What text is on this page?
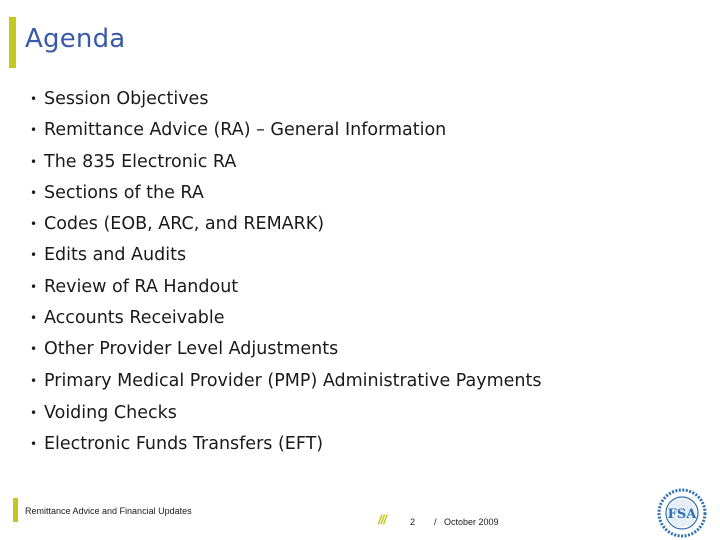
Agenda
• Session Objectives
• Remittance Advice (RA) – General Information
• The 835 Electronic RA
• Sections of the RA
• Codes (EOB, ARC, and REMARK)
• Edits and Audits
• Review of RA Handout
• Accounts Receivable
• Other Provider Level Adjustments
• Primary Medical Provider (PMP) Administrative Payments
• Voiding Checks
• Electronic Funds Transfers (EFT)
Remittance Advice and Financial Updates
///	2 / October 2009	FSA
